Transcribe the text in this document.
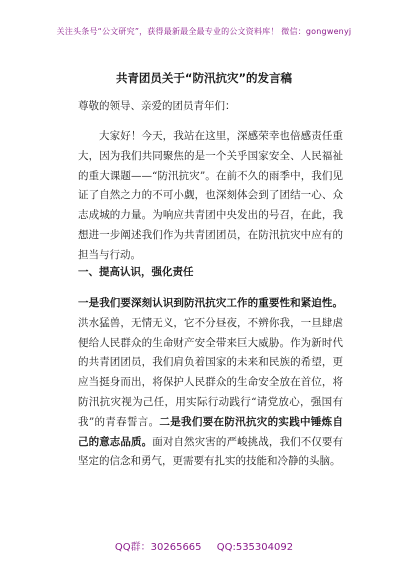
关注头条号“公文研究”，获得最新最全最专业的公文资料库！ 微信：gongwenyj
共青团员关于“防汛抗灾”的发言稿
尊敬的领导、亲爱的团员青年们：

大家好！今天，我站在这里，深感荣幸也倍感责任重大，因为我们共同聚焦的是一个关乎国家安全、人民福祉的重大课题——“防汛抗灾”。在前不久的雨季中，我们见证了自然之力的不可小觑，也深刻体会到了团结一心、众志成城的力量。为响应共青团中央发出的号召，在此，我想进一步阐述我们作为共青团团员，在防汛抗灾中应有的担当与行动。

一、提高认识，强化责任

一是我们要深刻认识到防汛抗灾工作的重要性和紧迫性。洪水猛兽，无情无义，它不分昼夜，不辨你我，一旦肆虐便给人民群众的生命财产安全带来巨大威胁。作为新时代的共青团团员，我们肩负着国家的未来和民族的希望，更应当挺身而出，将保护人民群众的生命安全放在首位，将防汛抗灾视为己任，用实际行动践行“请党放心，强国有我”的青春誓言。二是我们要在防汛抗灾的实践中锤炼自己的意志品质。面对自然灾害的严峻挑战，我们不仅要有坚定的信念和勇气，更需要有扎实的技能和冷静的头脑。

QQ群：30265665 QQ:535304092
